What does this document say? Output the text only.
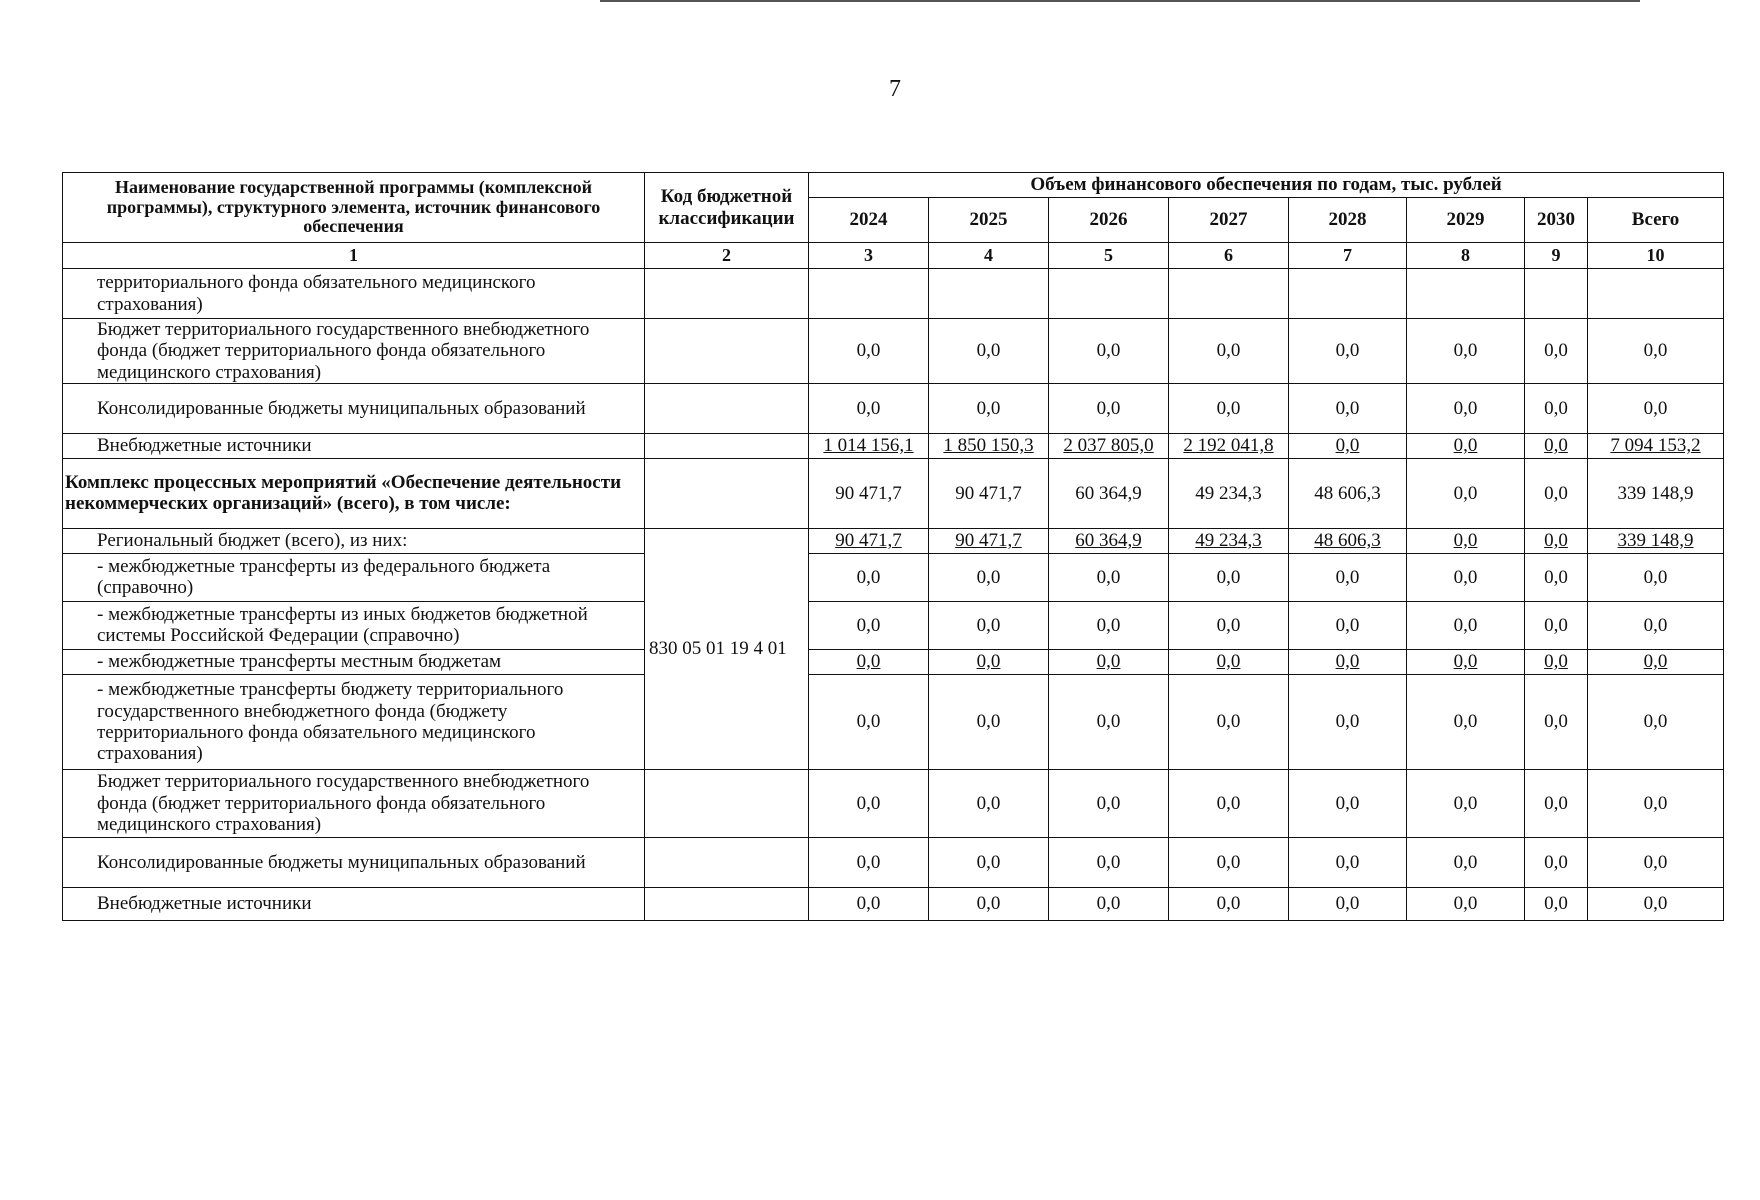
7
Наименование государственной программы (комплексной программы), структурного элемента, источник финансового обеспечения	Код бюджетной классификации	Объем финансового обеспечения по годам, тыс. рублей							
		2024	2025	2026	2027	2028	2029	2030	Всего
1	2	3	4	5	6	7	8	9	10
территориального фонда обязательного медицинского страхования)									
Бюджет территориального государственного внебюджетного фонда (бюджет территориального фонда обязательного медицинского страхования)		0,0	0,0	0,0	0,0	0,0	0,0	0,0	0,0
Консолидированные бюджеты муниципальных образований		0,0	0,0	0,0	0,0	0,0	0,0	0,0	0,0
Внебюджетные источники		1 014 156,1	1 850 150,3	2 037 805,0	2 192 041,8	0,0	0,0	0,0	7 094 153,2
Комплекс процессных мероприятий «Обеспечение деятельности некоммерческих организаций» (всего), в том числе:		90 471,7	90 471,7	60 364,9	49 234,3	48 606,3	0,0	0,0	339 148,9
Региональный бюджет (всего), из них:	830 05 01 19 4 01	90 471,7	90 471,7	60 364,9	49 234,3	48 606,3	0,0	0,0	339 148,9
- межбюджетные трансферты из федерального бюджета (справочно)		0,0	0,0	0,0	0,0	0,0	0,0	0,0	0,0
- межбюджетные трансферты из иных бюджетов бюджетной системы Российской Федерации (справочно)		0,0	0,0	0,0	0,0	0,0	0,0	0,0	0,0
- межбюджетные трансферты местным бюджетам		0,0	0,0	0,0	0,0	0,0	0,0	0,0	0,0
- межбюджетные трансферты бюджету территориального государственного внебюджетного фонда (бюджету территориального фонда обязательного медицинского страхования)		0,0	0,0	0,0	0,0	0,0	0,0	0,0	0,0
Бюджет территориального государственного внебюджетного фонда (бюджет территориального фонда обязательного медицинского страхования)		0,0	0,0	0,0	0,0	0,0	0,0	0,0	0,0
Консолидированные бюджеты муниципальных образований		0,0	0,0	0,0	0,0	0,0	0,0	0,0	0,0
Внебюджетные источники		0,0	0,0	0,0	0,0	0,0	0,0	0,0	0,0
